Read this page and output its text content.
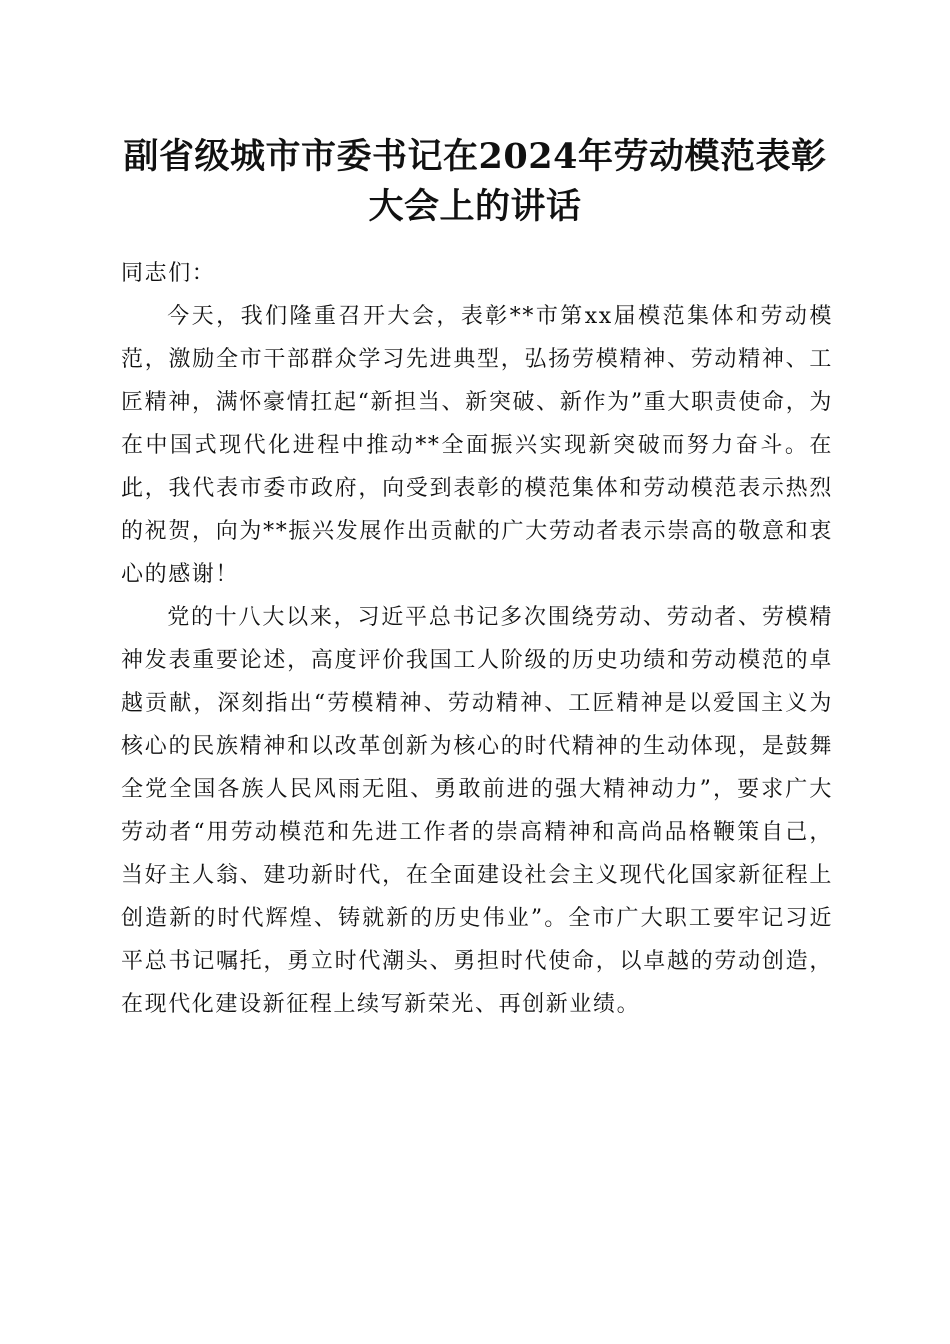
副省级城市市委书记在2024年劳动模范表彰大会上的讲话

同志们：

今天，我们隆重召开大会，表彰**市第xx届模范集体和劳动模范，激励全市干部群众学习先进典型，弘扬劳模精神、劳动精神、工匠精神，满怀豪情扛起“新担当、新突破、新作为”重大职责使命，为在中国式现代化进程中推动**全面振兴实现新突破而努力奋斗。在此，我代表市委市政府，向受到表彰的模范集体和劳动模范表示热烈的祝贺，向为**振兴发展作出贡献的广大劳动者表示崇高的敬意和衷心的感谢！

党的十八大以来，习近平总书记多次围绕劳动、劳动者、劳模精神发表重要论述，高度评价我国工人阶级的历史功绩和劳动模范的卓越贡献，深刻指出“劳模精神、劳动精神、工匠精神是以爱国主义为核心的民族精神和以改革创新为核心的时代精神的生动体现，是鼓舞全党全国各族人民风雨无阻、勇敢前进的强大精神动力”，要求广大劳动者“用劳动模范和先进工作者的崇高精神和高尚品格鞭策自己，当好主人翁、建功新时代，在全面建设社会主义现代化国家新征程上创造新的时代辉煌、铸就新的历史伟业”。全市广大职工要牢记习近平总书记嘱托，勇立时代潮头、勇担时代使命，以卓越的劳动创造，在现代化建设新征程上续写新荣光、再创新业绩。
